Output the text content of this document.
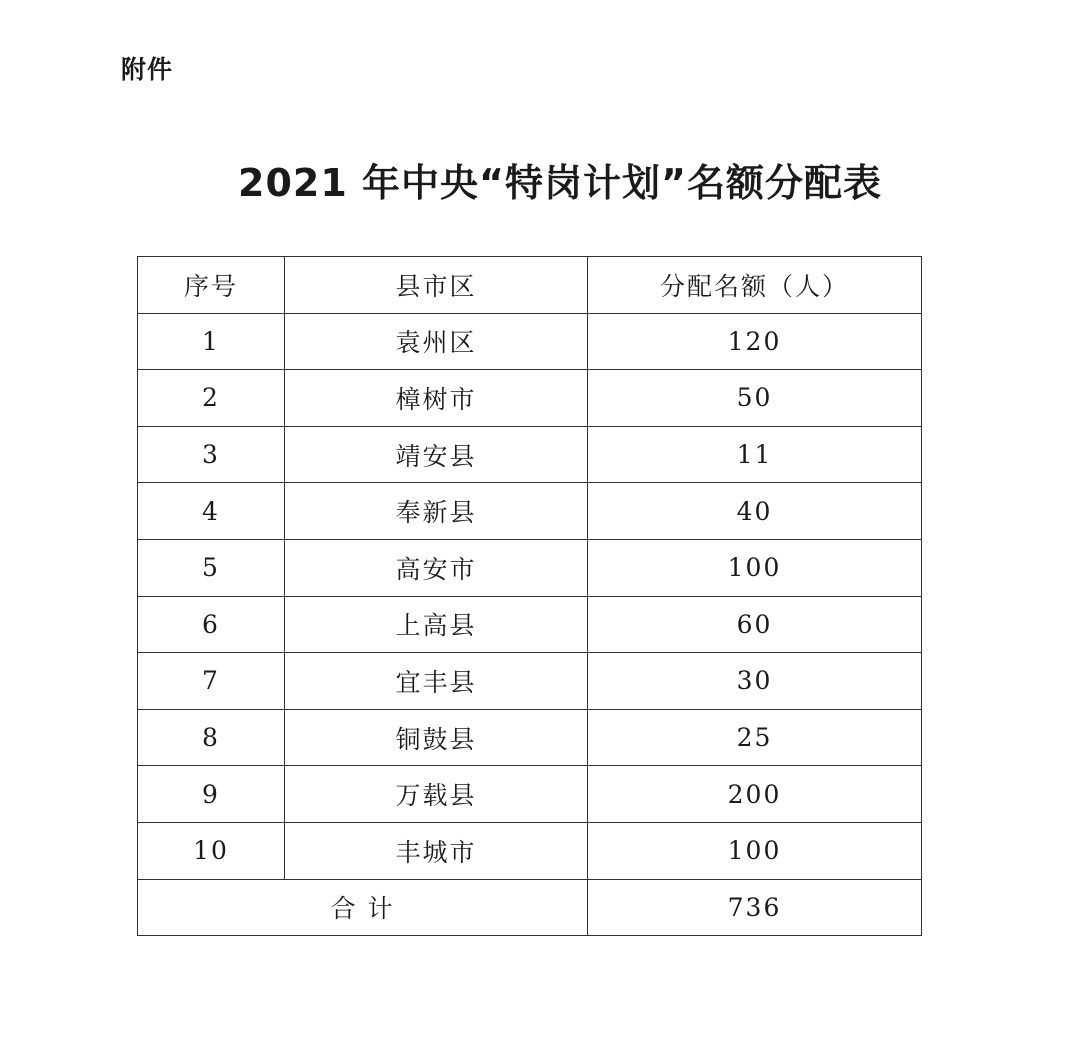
附件
2021 年中央“特岗计划”名额分配表
序号	县市区	分配名额（人）
1	袁州区	120
2	樟树市	50
3	靖安县	11
4	奉新县	40
5	高安市	100
6	上高县	60
7	宜丰县	30
8	铜鼓县	25
9	万载县	200
10	丰城市	100
合 计		736
